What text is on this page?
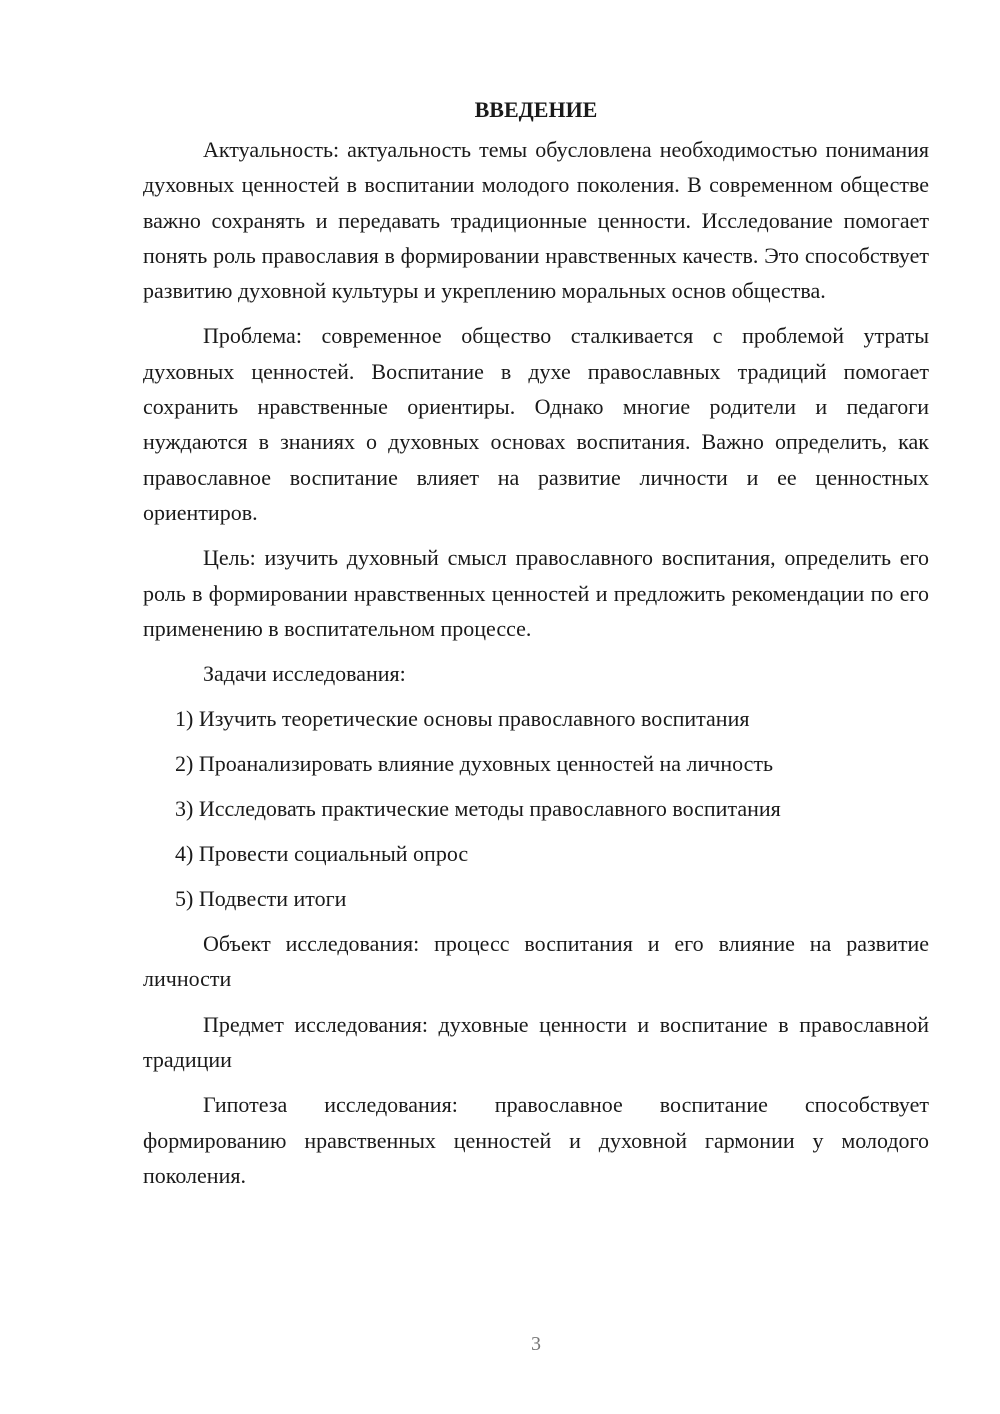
ВВЕДЕНИЕ

Актуальность: актуальность темы обусловлена необходимостью понимания духовных ценностей в воспитании молодого поколения. В современном обществе важно сохранять и передавать традиционные ценности. Исследование помогает понять роль православия в формировании нравственных качеств. Это способствует развитию духовной культуры и укреплению моральных основ общества.

Проблема: современное общество сталкивается с проблемой утраты духовных ценностей. Воспитание в духе православных традиций помогает сохранить нравственные ориентиры. Однако многие родители и педагоги нуждаются в знаниях о духовных основах воспитания. Важно определить, как православное воспитание влияет на развитие личности и ее ценностных ориентиров.

Цель: изучить духовный смысл православного воспитания, определить его роль в формировании нравственных ценностей и предложить рекомендации по его применению в воспитательном процессе.

Задачи исследования:

1) Изучить теоретические основы православного воспитания
2) Проанализировать влияние духовных ценностей на личность
3) Исследовать практические методы православного воспитания
4) Провести социальный опрос
5) Подвести итоги

Объект исследования: процесс воспитания и его влияние на развитие личности

Предмет исследования: духовные ценности и воспитание в православной традиции

Гипотеза исследования: православное воспитание способствует формированию нравственных ценностей и духовной гармонии у молодого поколения.

3
